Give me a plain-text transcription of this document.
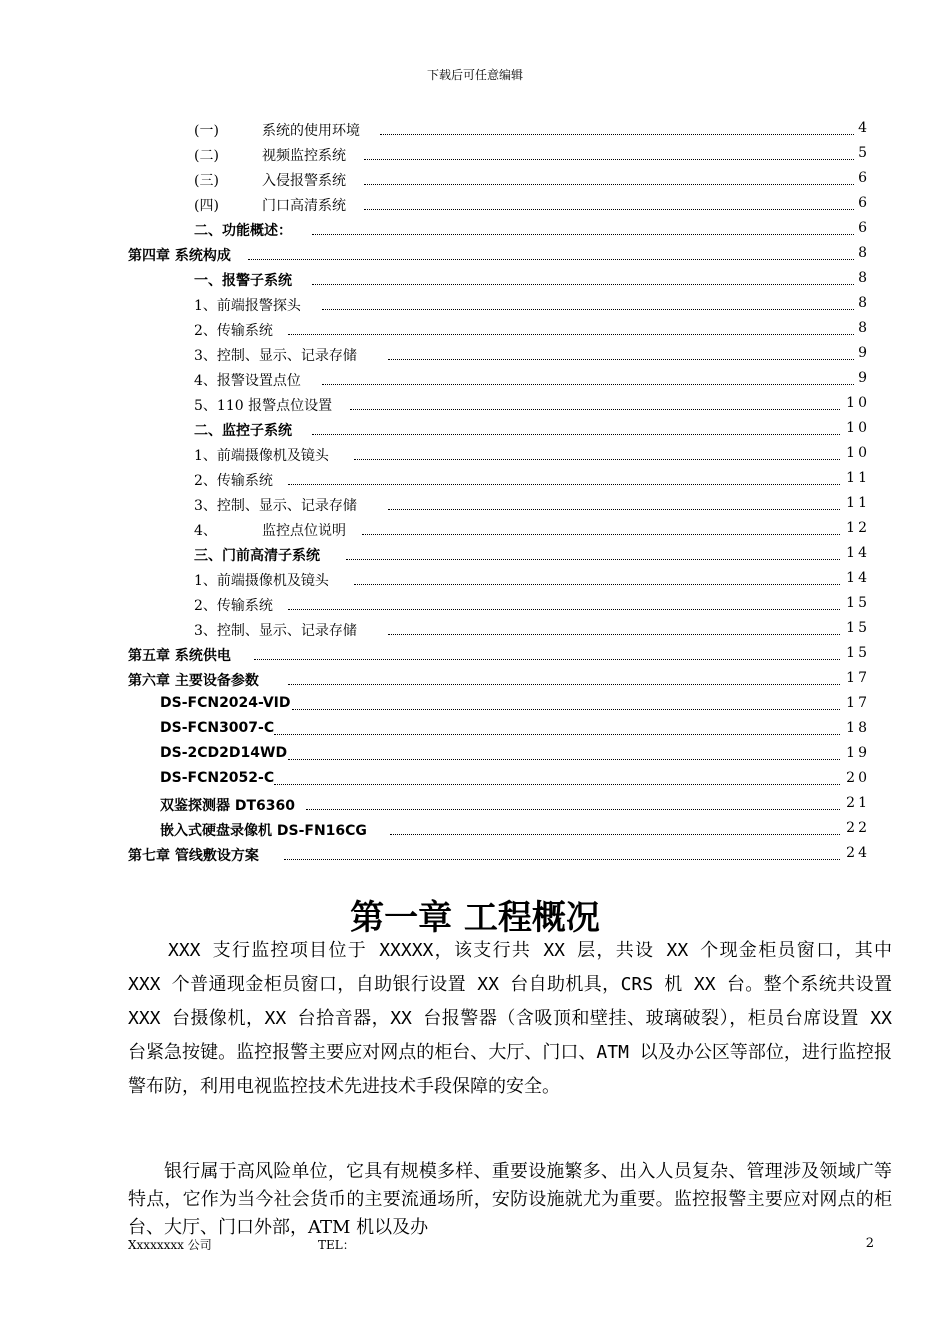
下载后可任意编辑
(一)	系统的使用环境	4
(二)	视频监控系统	5
(三)	入侵报警系统	6
(四)	门口高清系统	6
二、功能概述：	6
第四章 系统构成	8
一、报警子系统	8
1、前端报警探头	8
2、传输系统	8
3、控制、显示、记录存储	9
4、报警设置点位	9
5、110 报警点位设置	10
二、监控子系统	10
1、前端摄像机及镜头	10
2、传输系统	11
3、控制、显示、记录存储	11
4、	监控点位说明	12
三、门前高清子系统	14
1、前端摄像机及镜头	14
2、传输系统	15
3、控制、显示、记录存储	15
第五章 系统供电	15
第六章 主要设备参数	17
DS-FCN2024-VID	17
DS-FCN3007-C	18
DS-2CD2D14WD	19
DS-FCN2052-C	20
双鉴探测器 DT6360	21
嵌入式硬盘录像机 DS-FN16CG	22
第七章 管线敷设方案	24
第一章 工程概况
XXX 支行监控项目位于 XXXXX，该支行共 XX 层，共设 XX 个现金柜员窗口，其中 XXX 个普通现金柜员窗口，自助银行设置 XX 台自助机具，CRS 机 XX 台。整个系统共设置 XXX 台摄像机，XX 台拾音器，XX 台报警器（含吸顶和壁挂、玻璃破裂），柜员台席设置 XX 台紧急按键。监控报警主要应对网点的柜台、大厅、门口、ATM 以及办公区等部位，进行监控报警布防，利用电视监控技术先进技术手段保障的安全。
银行属于高风险单位，它具有规模多样、重要设施繁多、出入人员复杂、管理涉及领域广等特点，它作为当今社会货币的主要流通场所，安防设施就尤为重要。监控报警主要应对网点的柜台、大厅、门口外部，ATM 机以及办
Xxxxxxxx 公司	TEL：	2
